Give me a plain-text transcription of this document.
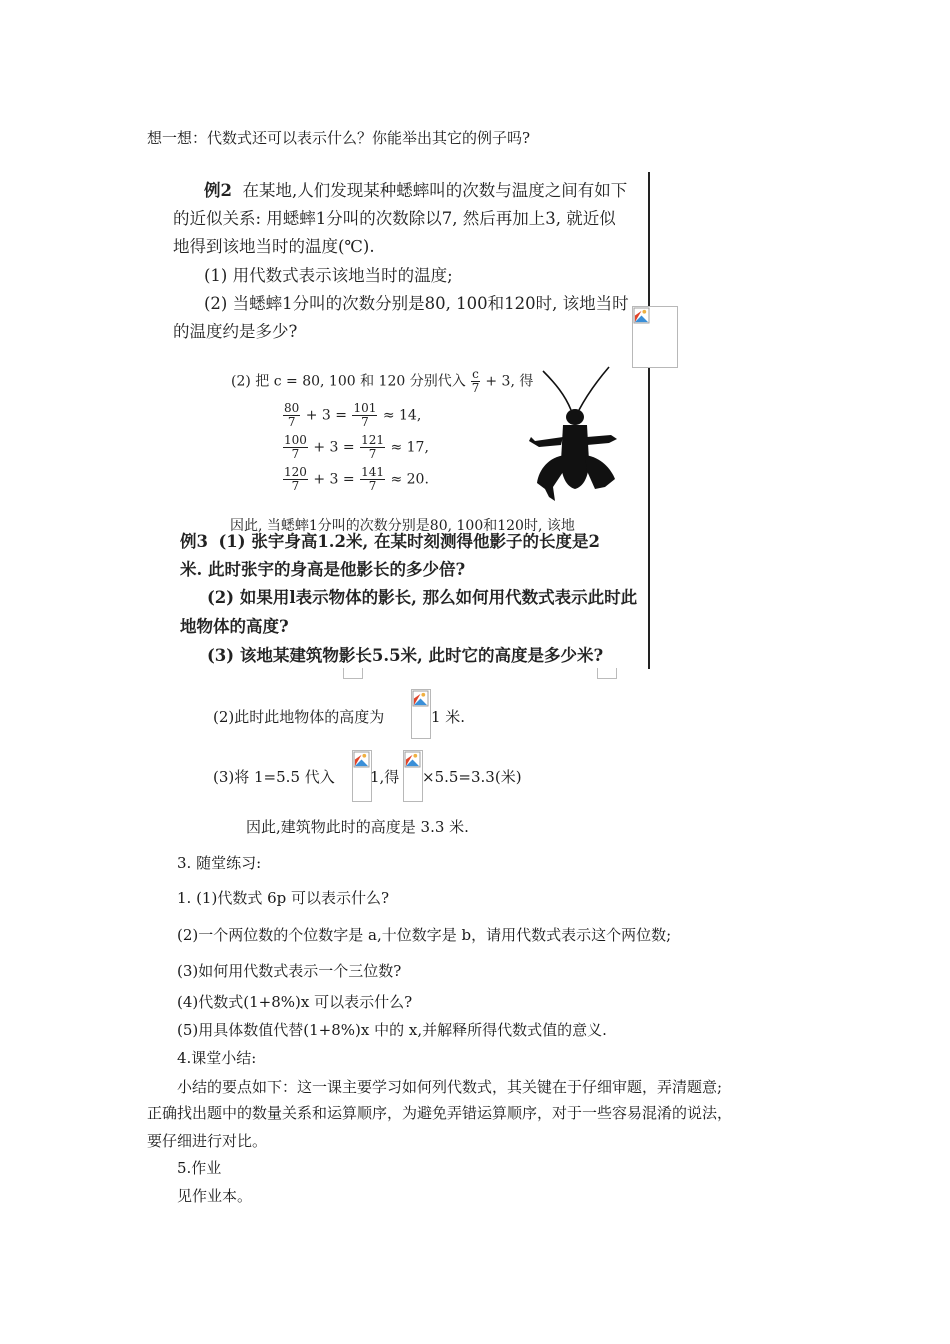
想一想：代数式还可以表示什么？你能举出其它的例子吗?
例2 在某地,人们发现某种蟋蟀叫的次数与温度之间有如下
的近似关系: 用蟋蟀1分叫的次数除以7, 然后再加上3, 就近似
地得到该地当时的温度(℃).
(1) 用代数式表示该地当时的温度;
(2) 当蟋蟀1分叫的次数分别是80, 100和120时, 该地当时
的温度约是多少?
(2) 把 c = 80, 100 和 120 分别代入 $\frac{c}{7} + 3$, 得
$\frac{80}{7} + 3 = \frac{101}{7} \approx 14$,
$\frac{100}{7} + 3 = \frac{121}{7} \approx 17$,
$\frac{120}{7} + 3 = \frac{141}{7} \approx 20$.
因此, 当蟋蟀1分叫的次数分别是80, 100和120时, 该地
例3 (1) 张宇身高1.2米, 在某时刻测得他影子的长度是2
米. 此时张宇的身高是他影长的多少倍?
(2) 如果用l表示物体的影长, 那么如何用代数式表示此时此
地物体的高度?
(3) 该地某建筑物影长5.5米, 此时它的高度是多少米?
(2)此时此地物体的高度为	1 米.
(3)将 1=5.5 代入 1,得 ×5.5=3.3(米)
因此,建筑物此时的高度是 3.3 米.
3. 随堂练习:
1. (1)代数式 6p 可以表示什么?
(2)一个两位数的个位数字是 a,十位数字是 b，请用代数式表示这个两位数;
(3)如何用代数式表示一个三位数?
(4)代数式(1+8%)x 可以表示什么?
(5)用具体数值代替(1+8%)x 中的 x,并解释所得代数式值的意义.
4.课堂小结:
小结的要点如下：这一课主要学习如何列代数式，其关键在于仔细审题，弄清题意;
正确找出题中的数量关系和运算顺序，为避免弄错运算顺序，对于一些容易混淆的说法，
要仔细进行对比。
5.作业
见作业本。
